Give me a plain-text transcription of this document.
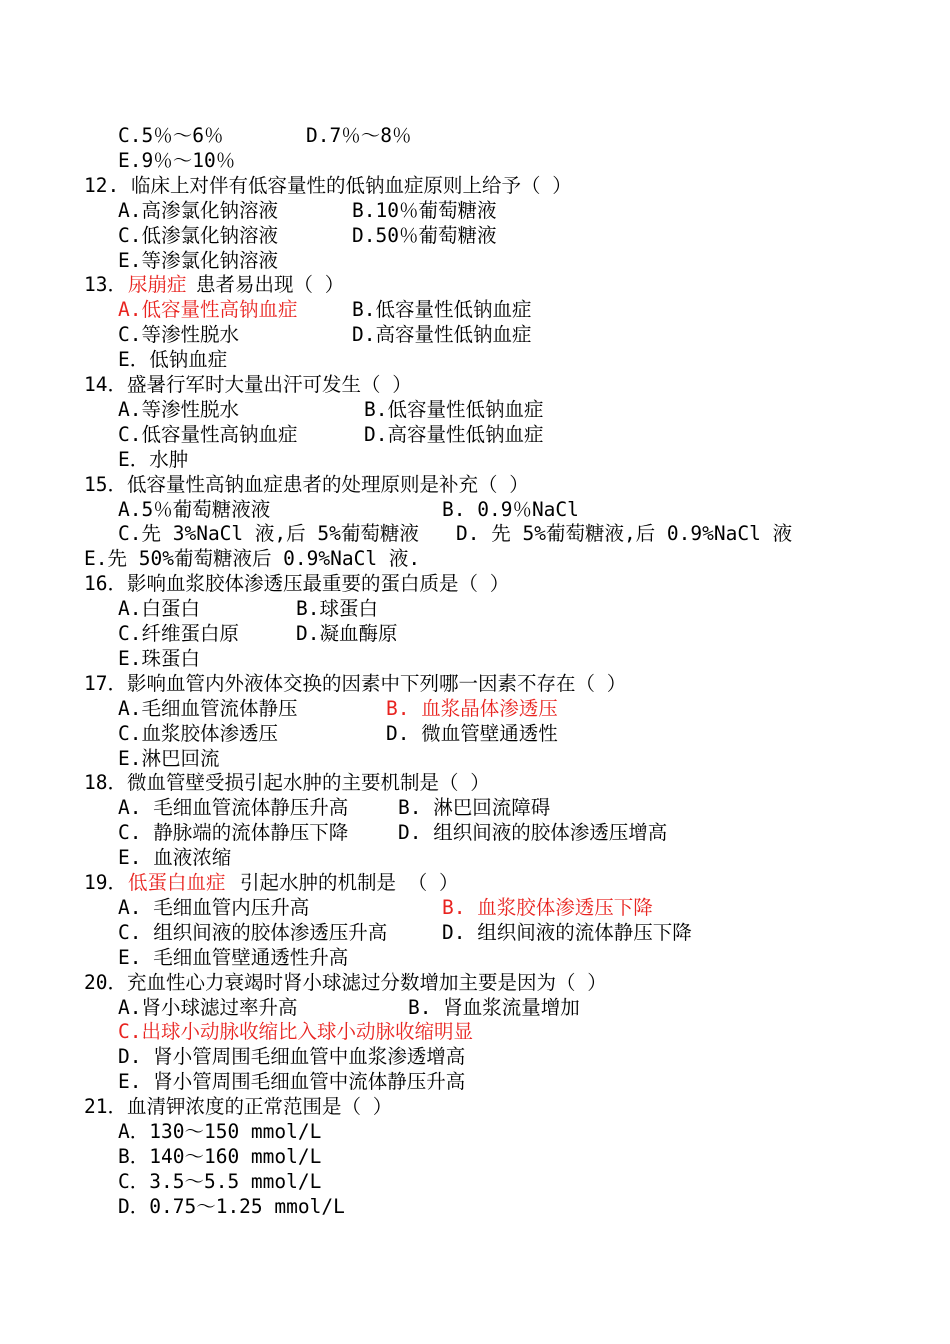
C.5％～6％	D.7％～8％
E.9％～10％
12. 临床上对伴有低容量性的低钠血症原则上给予（ ）
A.高渗氯化钠溶液	B.10％葡萄糖液
C.低渗氯化钠溶液	D.50％葡萄糖液
E.等渗氯化钠溶液
13． 尿崩症 患者易出现（ ）
A.低容量性高钠血症	B.低容量性低钠血症
C.等渗性脱水	D.高容量性低钠血症
E．低钠血症
14．盛暑行军时大量出汗可发生（ ）
A.等渗性脱水	B.低容量性低钠血症
C.低容量性高钠血症	D.高容量性低钠血症
E．水肿
15．低容量性高钠血症患者的处理原则是补充（ ）
A.5％葡萄糖液液	B. 0.9％NaCl
C.先 3%NaCl 液,后 5%葡萄糖液 D. 先 5%葡萄糖液,后 0.9%NaCl 液
E.先 50%葡萄糖液后 0.9%NaCl 液.
16．影响血浆胶体渗透压最重要的蛋白质是（ ）
A.白蛋白	B.球蛋白
C.纤维蛋白原	D.凝血酶原
E.珠蛋白
17．影响血管内外液体交换的因素中下列哪一因素不存在（ ）
A.毛细血管流体静压	B. 血浆晶体渗透压
C.血浆胶体渗透压	D. 微血管壁通透性
E.淋巴回流
18．微血管壁受损引起水肿的主要机制是（ ）
A. 毛细血管流体静压升高	B. 淋巴回流障碍
C. 静脉端的流体静压下降	D. 组织间液的胶体渗透压增高
E. 血液浓缩
19． 低蛋白血症 引起水肿的机制是 （ ）
A. 毛细血管内压升高	B. 血浆胶体渗透压下降
C. 组织间液的胶体渗透压升高	D. 组织间液的流体静压下降
E. 毛细血管壁通透性升高
20．充血性心力衰竭时肾小球滤过分数增加主要是因为（ ）
A.肾小球滤过率升高	B. 肾血浆流量增加
C.出球小动脉收缩比入球小动脉收缩明显
D. 肾小管周围毛细血管中血浆渗透增高
E. 肾小管周围毛细血管中流体静压升高
21．血清钾浓度的正常范围是（ ）
A．130～150 mmol/L
B．140～160 mmol/L
C．3.5～5.5 mmol/L
D．0.75～1.25 mmol/L
